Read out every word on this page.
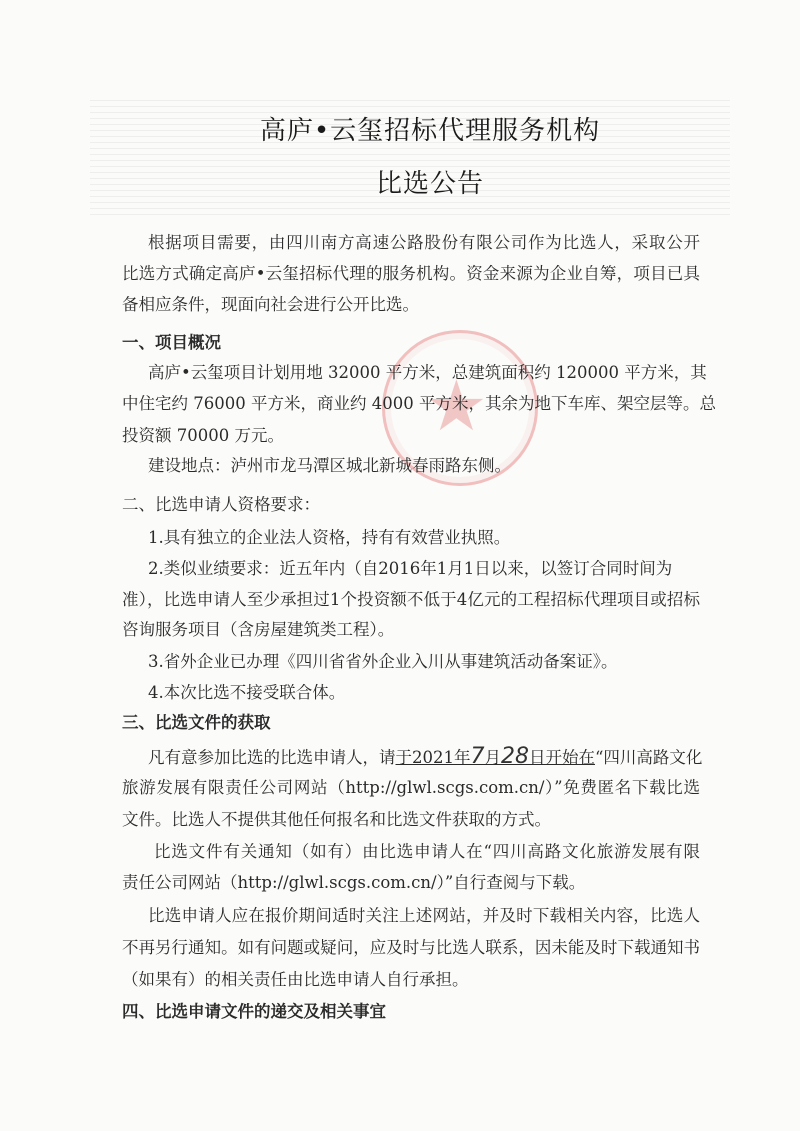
高庐•云玺招标代理服务机构
比选公告
★
根据项目需要，由四川南方高速公路股份有限公司作为比选人，采取公开
比选方式确定高庐•云玺招标代理的服务机构。资金来源为企业自筹，项目已具
备相应条件，现面向社会进行公开比选。
一、项目概况
高庐•云玺项目计划用地 32000 平方米，总建筑面积约 120000 平方米，其
中住宅约 76000 平方米，商业约 4000 平方米，其余为地下车库、架空层等。总
投资额 70000 万元。
建设地点：泸州市龙马潭区城北新城春雨路东侧。
二、比选申请人资格要求：
1.具有独立的企业法人资格，持有有效营业执照。
2.类似业绩要求：近五年内（自2016年1月1日以来，以签订合同时间为
准），比选申请人至少承担过1个投资额不低于4亿元的工程招标代理项目或招标
咨询服务项目（含房屋建筑类工程）。
3.省外企业已办理《四川省省外企业入川从事建筑活动备案证》。
4.本次比选不接受联合体。
三、比选文件的获取
凡有意参加比选的比选申请人，请于2021年7月28日开始在“四川高路文化
旅游发展有限责任公司网站（http://glwl.scgs.com.cn/）”免费匿名下载比选
文件。比选人不提供其他任何报名和比选文件获取的方式。
比选文件有关通知（如有）由比选申请人在“四川高路文化旅游发展有限
责任公司网站（http://glwl.scgs.com.cn/）”自行查阅与下载。
比选申请人应在报价期间适时关注上述网站，并及时下载相关内容，比选人
不再另行通知。如有问题或疑问，应及时与比选人联系，因未能及时下载通知书
（如果有）的相关责任由比选申请人自行承担。
四、比选申请文件的递交及相关事宜
